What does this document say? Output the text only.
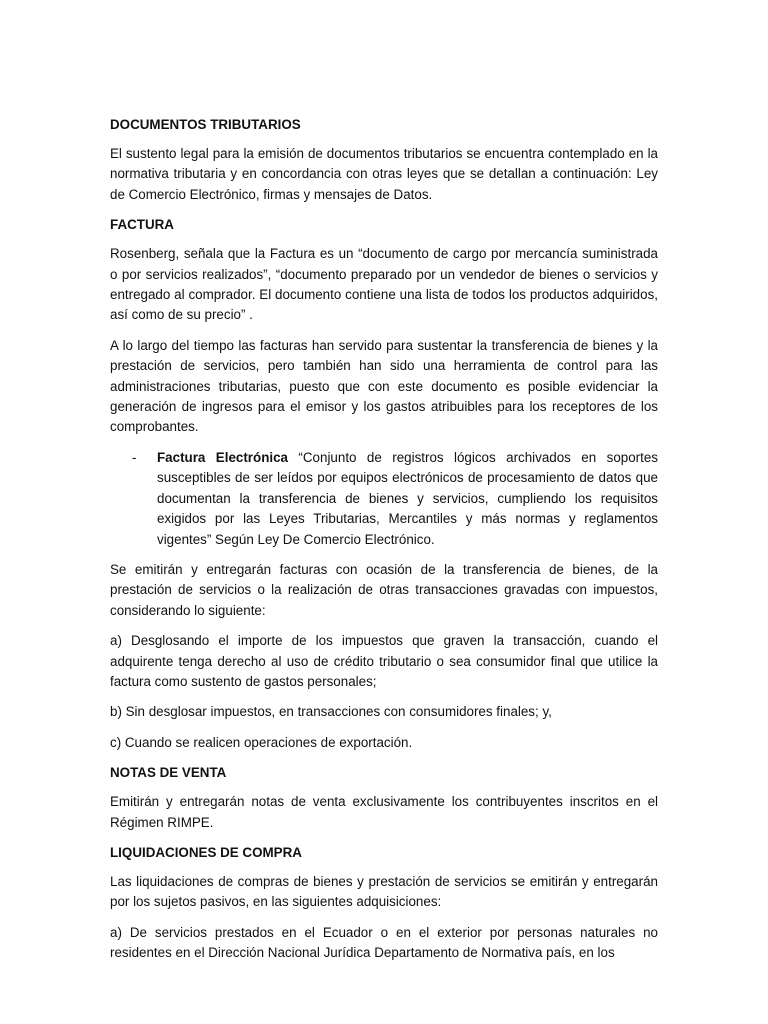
DOCUMENTOS TRIBUTARIOS

El sustento legal para la emisión de documentos tributarios se encuentra contemplado en la normativa tributaria y en concordancia con otras leyes que se detallan a continuación: Ley de Comercio Electrónico, firmas y mensajes de Datos.

FACTURA

Rosenberg, señala que la Factura es un “documento de cargo por mercancía suministrada o por servicios realizados”, “documento preparado por un vendedor de bienes o servicios y entregado al comprador. El documento contiene una lista de todos los productos adquiridos, así como de su precio” .

A lo largo del tiempo las facturas han servido para sustentar la transferencia de bienes y la prestación de servicios, pero también han sido una herramienta de control para las administraciones tributarias, puesto que con este documento es posible evidenciar la generación de ingresos para el emisor y los gastos atribuibles para los receptores de los comprobantes.

-	Factura Electrónica “Conjunto de registros lógicos archivados en soportes susceptibles de ser leídos por equipos electrónicos de procesamiento de datos que documentan la transferencia de bienes y servicios, cumpliendo los requisitos exigidos por las Leyes Tributarias, Mercantiles y más normas y reglamentos vigentes” Según Ley De Comercio Electrónico.

Se emitirán y entregarán facturas con ocasión de la transferencia de bienes, de la prestación de servicios o la realización de otras transacciones gravadas con impuestos, considerando lo siguiente:

a) Desglosando el importe de los impuestos que graven la transacción, cuando el adquirente tenga derecho al uso de crédito tributario o sea consumidor final que utilice la factura como sustento de gastos personales;

b) Sin desglosar impuestos, en transacciones con consumidores finales; y,

c) Cuando se realicen operaciones de exportación.

NOTAS DE VENTA

Emitirán y entregarán notas de venta exclusivamente los contribuyentes inscritos en el Régimen RIMPE.

LIQUIDACIONES DE COMPRA

Las liquidaciones de compras de bienes y prestación de servicios se emitirán y entregarán por los sujetos pasivos, en las siguientes adquisiciones:

a) De servicios prestados en el Ecuador o en el exterior por personas naturales no residentes en el Dirección Nacional Jurídica Departamento de Normativa país, en los
